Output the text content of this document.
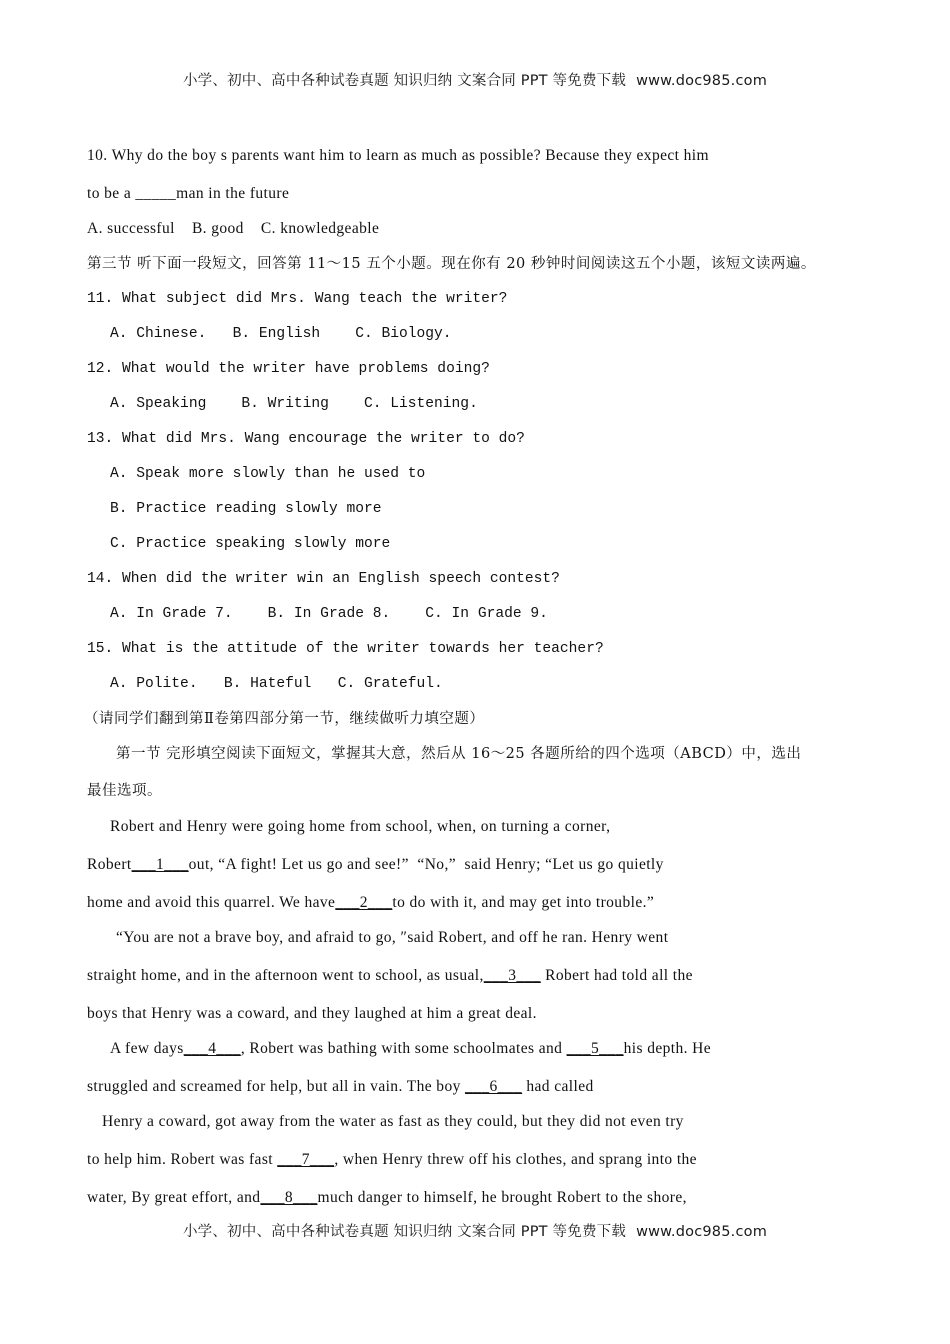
小学、初中、高中各种试卷真题 知识归纳 文案合同 PPT 等免费下载 www.doc985.com
10. Why do the boy s parents want him to learn as much as possible? Because they expect him
to be a _____man in the future
A. successful    B. good    C. knowledgeable
第三节 听下面一段短文，回答第 11～15 五个小题。现在你有 20 秒钟时间阅读这五个小题，该短文读两遍。
11. What subject did Mrs. Wang teach the writer?
A. Chinese.   B. English    C. Biology.
12. What would the writer have problems doing?
A. Speaking    B. Writing    C. Listening.
13. What did Mrs. Wang encourage the writer to do?
A. Speak more slowly than he used to
B. Practice reading slowly more
C. Practice speaking slowly more
14. When did the writer win an English speech contest?
A. In Grade 7.    B. In Grade 8.    C. In Grade 9.
15. What is the attitude of the writer towards her teacher?
A. Polite.   B. Hateful   C. Grateful.
（请同学们翻到第Ⅱ卷第四部分第一节，继续做听力填空题）
第一节 完形填空阅读下面短文，掌握其大意，然后从 16～25 各题所给的四个选项（ABCD）中，选出
最佳选项。
Robert and Henry were going home from school, when, on turning a corner,
Robert___1___out, “A fight! Let us go and see!”  “No,”  said Henry; “Let us go quietly
home and avoid this quarrel. We have___2___to do with it, and may get into trouble.”
“You are not a brave boy, and afraid to go, ″said Robert, and off he ran. Henry went
straight home, and in the afternoon went to school, as usual,___3___ Robert had told all the
boys that Henry was a coward, and they laughed at him a great deal.
A few days___4___, Robert was bathing with some schoolmates and ___5___his depth. He
struggled and screamed for help, but all in vain. The boy ___6___ had called
Henry a coward, got away from the water as fast as they could, but they did not even try
to help him. Robert was fast ___7___, when Henry threw off his clothes, and sprang into the
water, By great effort, and___8___much danger to himself, he brought Robert to the shore,
小学、初中、高中各种试卷真题 知识归纳 文案合同 PPT 等免费下载 www.doc985.com
